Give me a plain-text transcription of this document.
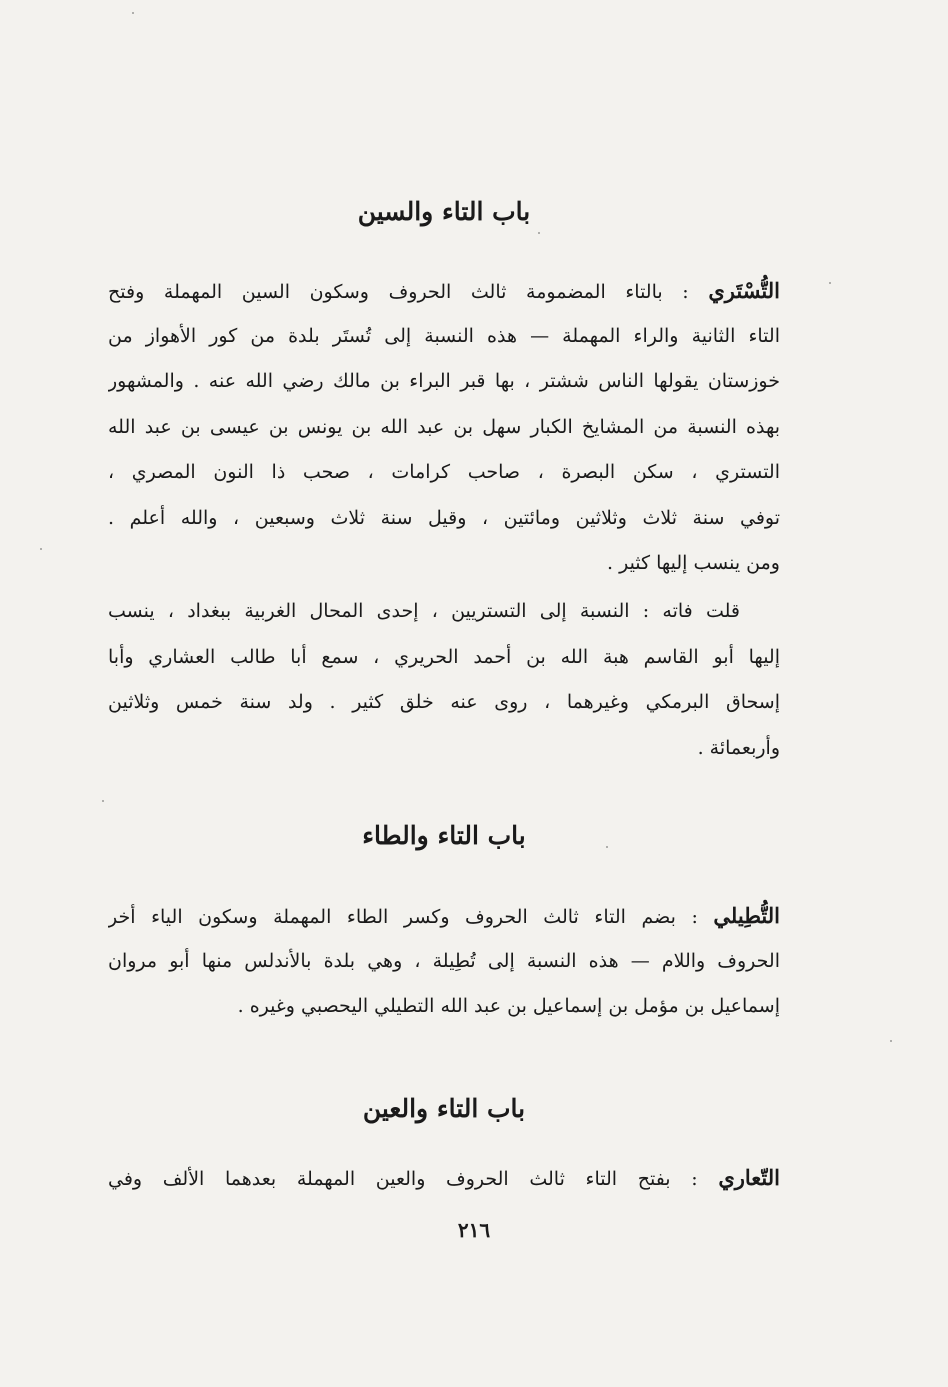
باب التاء والسين
التُّسْتَري : بالتاء المضمومة ثالث الحروف وسكون السين المهملة وفتح
التاء الثانية والراء المهملة — هذه النسبة إلى تُستَر بلدة من كور الأهواز من
خوزستان يقولها الناس ششتر ، بها قبر البراء بن مالك رضي الله عنه . والمشهور
بهذه النسبة من المشايخ الكبار سهل بن عبد الله بن يونس بن عيسى بن عبد الله
التستري ، سكن البصرة ، صاحب كرامات ، صحب ذا النون المصري ،
توفي سنة ثلاث وثلاثين ومائتين ، وقيل سنة ثلاث وسبعين ، والله أعلم .
ومن ينسب إليها كثير .
قلت فاته : النسبة إلى التستريين ، إحدى المحال الغربية ببغداد ، ينسب
إليها أبو القاسم هبة الله بن أحمد الحريري ، سمع أبا طالب العشاري وأبا
إسحاق البرمكي وغيرهما ، روى عنه خلق كثير . ولد سنة خمس وثلاثين
وأربعمائة .
باب التاء والطاء
التُّطِيلي : بضم التاء ثالث الحروف وكسر الطاء المهملة وسكون الياء أخر
الحروف واللام — هذه النسبة إلى تُطِيلة ، وهي بلدة بالأندلس منها أبو مروان
إسماعيل بن مؤمل بن إسماعيل بن عبد الله التطيلي اليحصبي وغيره .
باب التاء والعين
التّعاري : بفتح التاء ثالث الحروف والعين المهملة بعدهما الألف وفي
٢١٦
